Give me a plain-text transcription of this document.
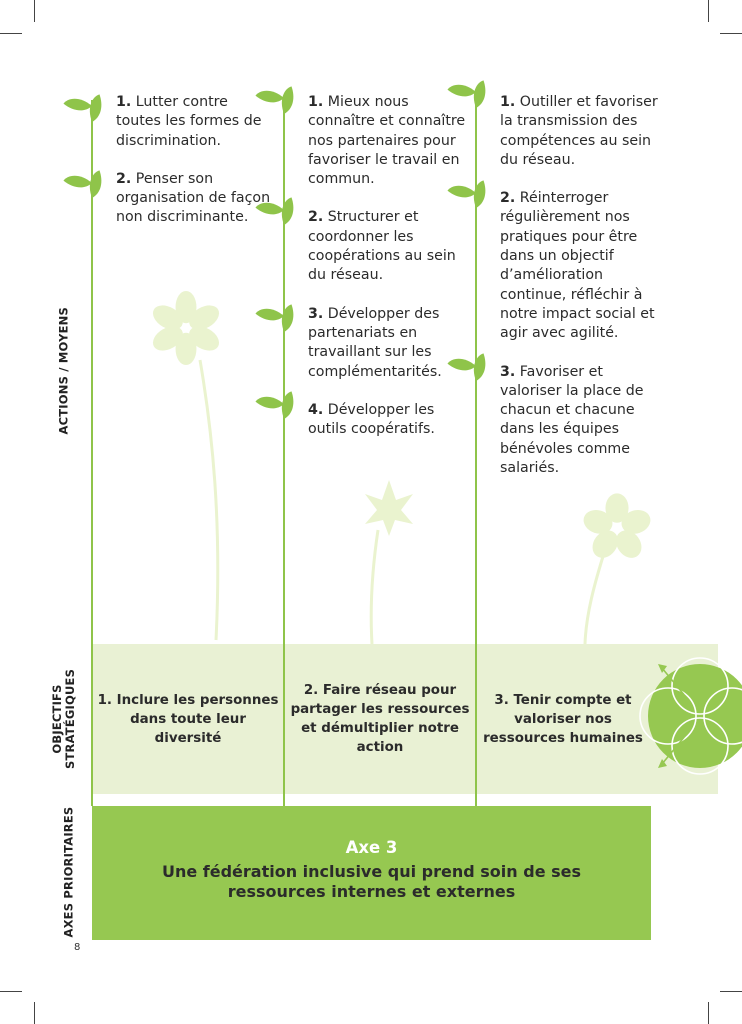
ACTIONS / MOYENS
OBJECTIFS
STRATÉGIQUES
AXES PRIORITAIRES
1. Lutter contre toutes les formes de discrimination.
2. Penser son organisation de façon non discriminante.
1. Mieux nous connaître et connaître nos partenaires pour favoriser le travail en commun.
2. Structurer et coordonner les coopérations au sein du réseau.
3. Développer des partenariats en travaillant sur les complémentarités.
4. Développer les outils coopératifs.
1. Outiller et favoriser la transmission des compétences au sein du réseau.
2. Réinterroger régulièrement nos pratiques pour être dans un objectif d’amélioration continue, réfléchir à notre impact social et agir avec agilité.
3. Favoriser et valoriser la place de chacun et chacune dans les équipes bénévoles comme salariés.
1. Inclure les personnes dans toute leur diversité
2. Faire réseau pour partager les ressources et démultiplier notre action
3. Tenir compte et valoriser nos ressources humaines
Axe 3
Une fédération inclusive qui prend soin de ses ressources internes et externes
8
